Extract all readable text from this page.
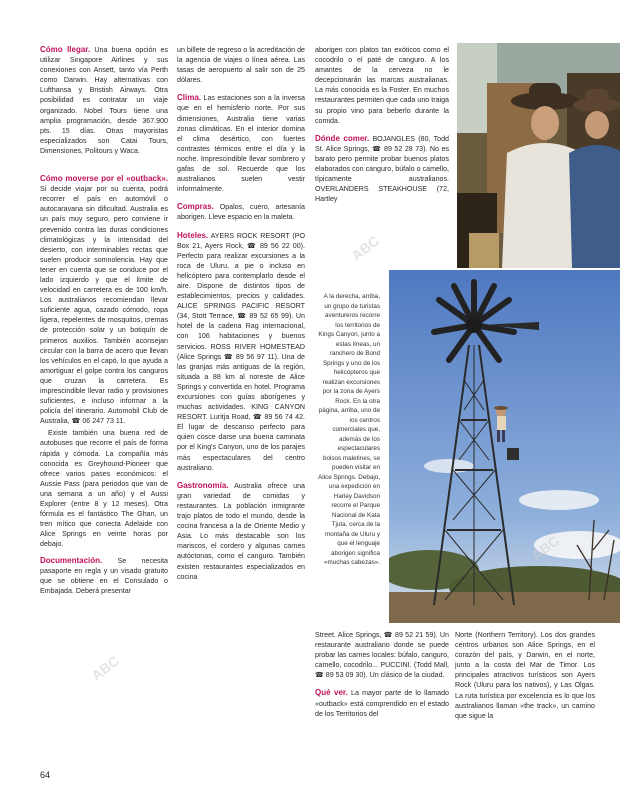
Cómo llegar. Una buena opción es utilizar Singapore Airlines y sus conexiones con Ansett, tanto vía Perth como Darwin. Hay alternativas con Lufthansa y Bristish Airways. Otra posibilidad es contratar un viaje organizado. Nobel Tours tiene una amplia programación, desde 367.900 pts. 15 días. Otras mayoristas especializados son Catai Tours, Dimensiones, Politours y Waca.

Cómo moverse por el «outback». Si decide viajar por su cuenta, podrá recorrer el país en automóvil o autocaravana sin dificultad. Australia es un país muy seguro, pero conviene ir prevenido contra las duras condiciones climatológicas y la intensidad del desierto, con interminables rectas que suelen producir somnolencia. Hay que tener en cuenta que se conduce por el lado izquierdo y que el límite de velocidad en carretera es de 100 km/h. Los australianos recomiendan llevar suficiente agua, cazado cómodo, ropa ligera, repelentes de mosquitos, cremas de protección solar y un botiquín de primeros auxilios. También aconsejan circular con la barra de acero que llevan los vehículos en el capó, lo que ayuda a amortiguar el golpe contra los canguros que cruzan la carretera. Es imprescindible llevar radio y provisiones suficientes, e incluso informar a la policía del itinerario. Automobil Club de Australia, ☎ 06 247 73 11.

Existe también una buena red de autobuses que recorre el país de forma rápida y cómoda. La compañía más conocida es Greyhound-Pioneer que ofrece varios pases económicos: el Aussie Pass (para periodos que van de una semana a un año) y el Aussi Explorer (entre 8 y 12 meses). Otra fórmula es el fantástico The Ghan, un tren mítico que conecta Adelaide con Alice Springs en veinte horas por debajo.

Documentación. Se necesita pasaporte en regla y un visado gratuito que se obtiene en el Consulado o Embajada. Deberá presentar

un billete de regreso o la acreditación de la agencia de viajes o línea aérea. Las tasas de aeropuerto al salir son de 25 dólares.

Clima. Las estaciones son a la inversa que en el hemisferio norte. Por sus dimensiones, Australia tiene varias zonas climáticas. En el interior domina el clima desértico, con fuertes contrastes térmicos entre el día y la noche. Imprescindible llevar sombrero y gafas de sol. Recuerde que los australianos suelen vestir informalmente.

Compras. Opalos, cuero, artesanía aborigen. Lleve espacio en la maleta.

Hoteles. AYERS ROCK RESORT (PO Box 21, Ayers Rock, ☎ 89 56 22 00). Perfecto para realizar excursiones a la roca de Uluru, a pie o incluso en helicóptero para contemplarlo desde el aire. Dispone de distintos tipos de establecimientos, precios y calidades. ALICE SPRINGS PACIFIC RESORT (34, Stott Terrace, ☎ 89 52 65 99). Un hotel de la cadena Rag internacional, con 106 habitaciones y buenos servicios. ROSS RIVER HOMESTEAD (Alice Springs ☎ 89 56 97 11). Una de las granjas más antiguas de la región, situada a 88 km al noreste de Alice Springs y convertida en hotel. Programa excursiones con guías aborígenes y muchas actividades. KING CANYON RESORT. Luritja Road, ☎ 89 56 74 42. El lugar de descanso perfecto para quien cosce darse una buena caminata por el King's Canyon, uno de los parajes más espectaculares del centro australiano.

Gastronomía. Australia ofrece una gran variedad de comidas y restaurantes. La población inmigrante trajo platos de todo el mundo, desde la cocina francesa a la de Oriente Medio y Asia. Lo más destacable son los mariscos, el cordero y algunas carnes autóctonas, como el canguro. También existen restaurantes especializados en cocina

aborigen con platos tan exóticos como el cocodrilo o el paté de canguro. A los amantes de la cerveza no le decepcionarán las marcas australianas. La más conocida es la Foster. En muchos restaurantes permiten que cada uno traiga su propio vino para beberlo durante la comida.

Dónde comer. BOJANGLES (80, Todd St. Alice Springs, ☎ 89 52 28 73). No es barato pero permite probar buenos platos elaborados con canguro, búfalo o camello, típicamente australianos. OVERLANDERS STEAKHOUSE (72, Hartley

A la derecha, arriba, un grupo de turistas aventureros recorre los territorios de Kings Canyon, junto a estas líneas, un ranchero de Bond Springs y uno de los helicópteros que realizan excursiones por la zona de Ayers Rock. En la otra página, arriba, uno de los centros comerciales que, además de los espectaculares bolsos maletines, se pueden visitar en Alice Springs. Debajo, una expedición en Harley Davidson recorre el Parque Nacional de Kata Tjuta, cerca de la montaña de Uluru y que el lenguaje aborigen significa «muchas cabezas».

Street. Alice Springs, ☎ 89 52 21 59). Un restaurante australiano donde se puede probar las carnes locales: búfalo, canguro, camello, cocodrilo... PUCCINI. (Todd Mall, ☎ 89 53 09 30). Un clásico de la ciudad.

Qué ver. La mayor parte de lo llamado «outback» está comprendido en el estado de los Territorios del

Norte (Northern Territory). Los dos grandes centros urbanos son Alice Springs, en el corazón del país, y Darwin, en el norte, junto a la costa del Mar de Timor. Los principales atractivos turísticos son Ayers Rock (Uluru para los nativos), y Las Olgas. La ruta turística por excelencia es lo que los australianos llaman «the track», un camino que sigue la

ABC
ABC
ABC
64
